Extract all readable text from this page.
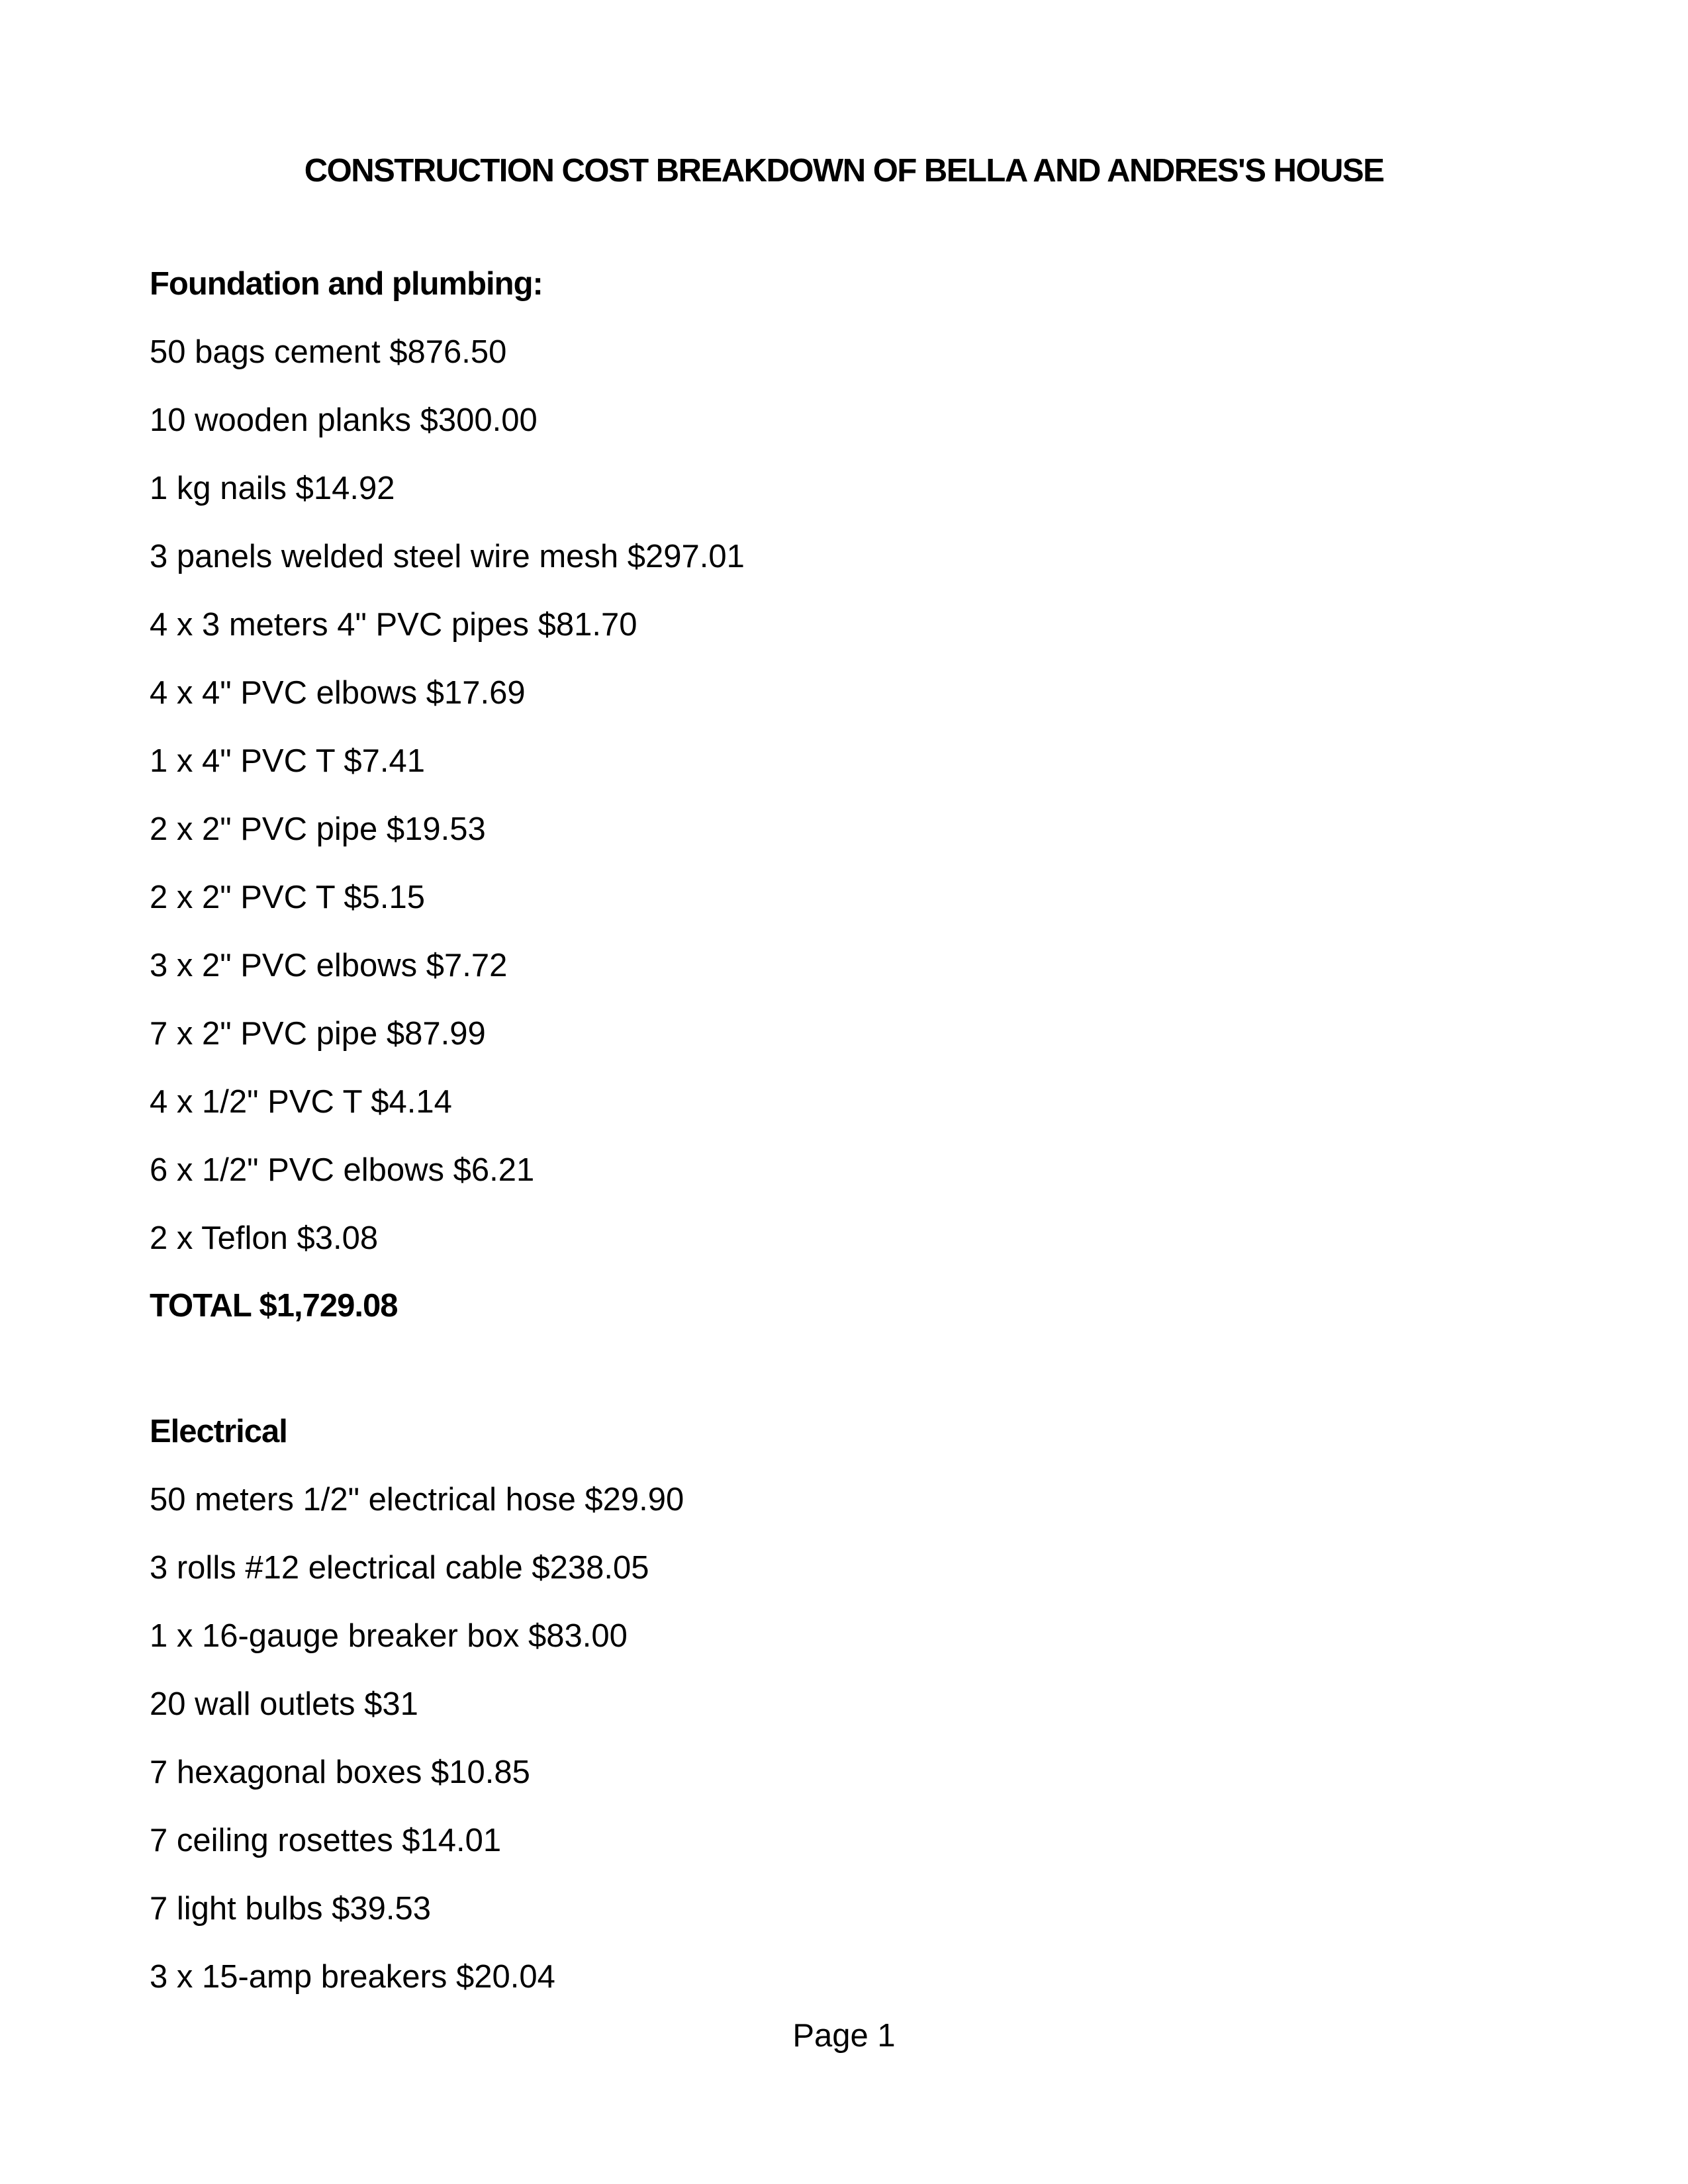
CONSTRUCTION COST BREAKDOWN OF BELLA AND ANDRES'S HOUSE
Foundation and plumbing:
50 bags cement $876.50
10 wooden planks $300.00
1 kg nails $14.92
3 panels welded steel wire mesh $297.01
4 x 3 meters 4" PVC pipes $81.70
4 x 4" PVC elbows $17.69
1 x 4" PVC T $7.41
2 x 2" PVC pipe $19.53
2 x 2" PVC T $5.15
3 x 2" PVC elbows $7.72
7 x 2" PVC pipe $87.99
4 x 1/2" PVC T $4.14
6 x 1/2" PVC elbows $6.21
2 x Teflon $3.08
TOTAL $1,729.08
Electrical
50 meters 1/2" electrical hose $29.90
3 rolls #12 electrical cable $238.05
1 x 16-gauge breaker box $83.00
20 wall outlets $31
7 hexagonal boxes $10.85
7 ceiling rosettes $14.01
7 light bulbs $39.53
3 x 15-amp breakers $20.04
Page 1
